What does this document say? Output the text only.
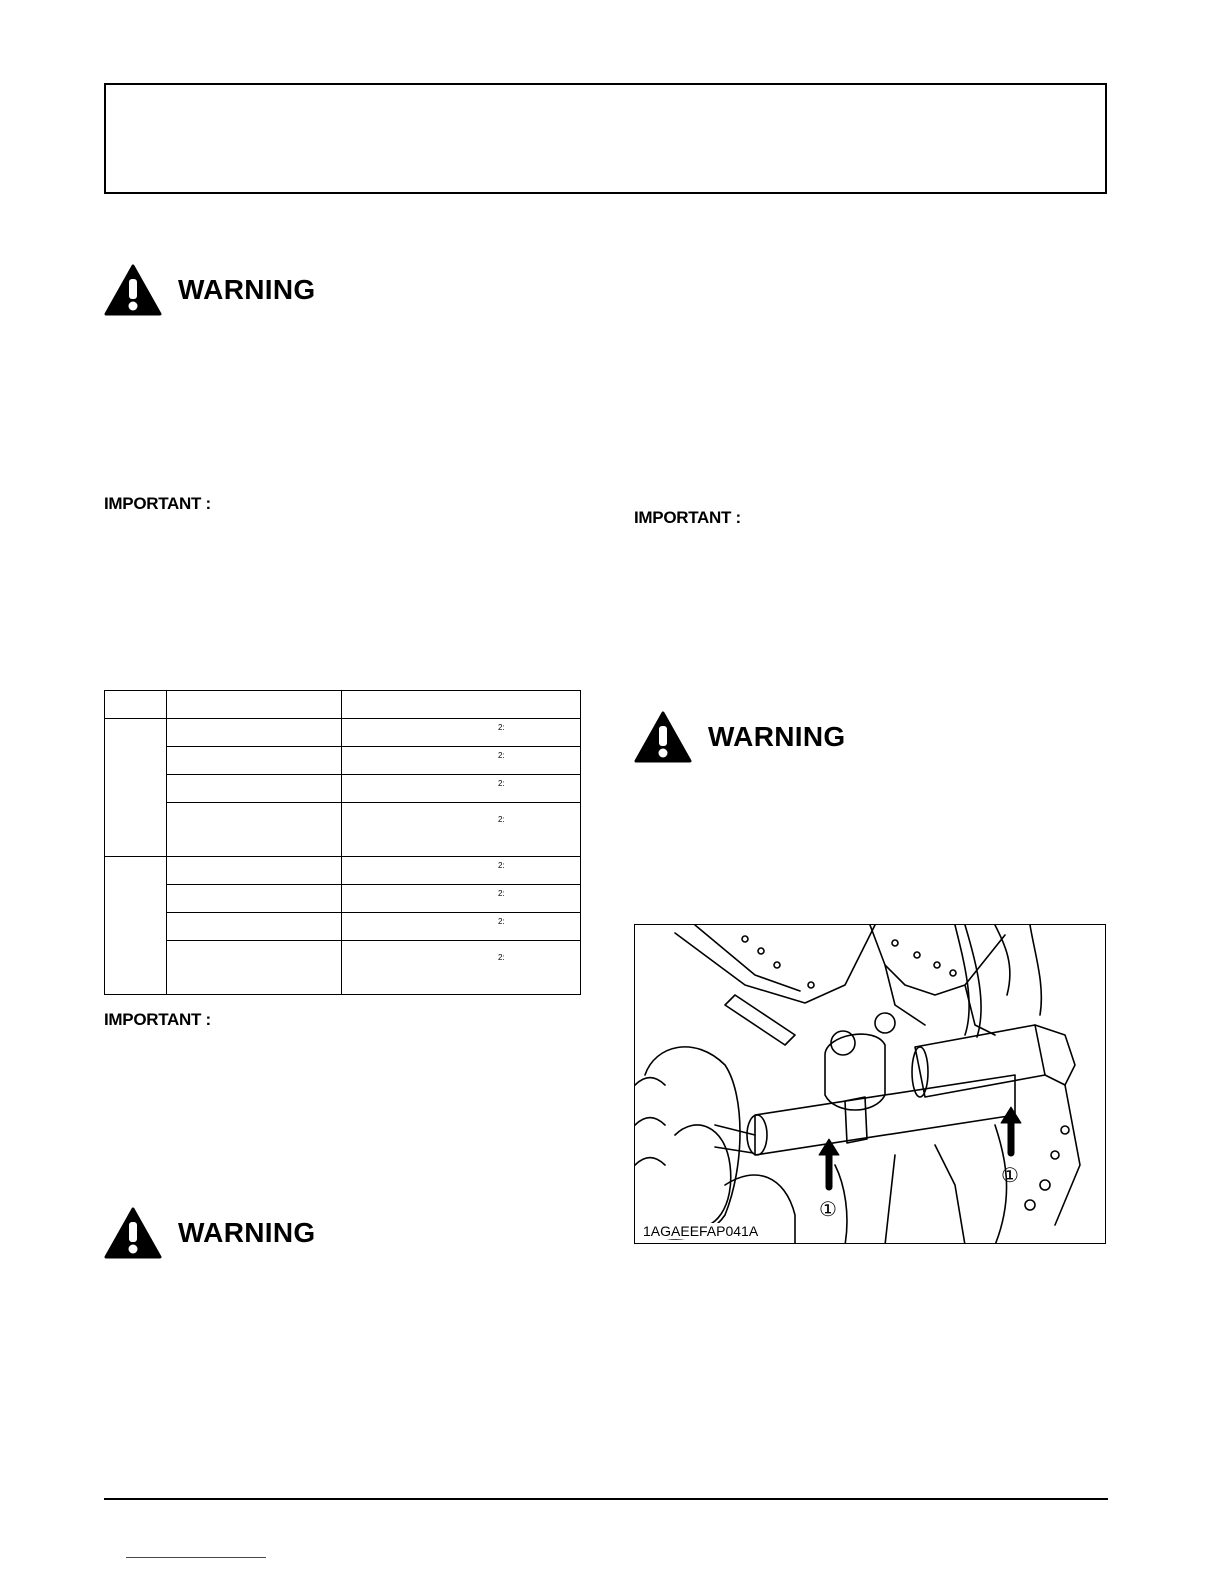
WARNING
IMPORTANT :

		2:

		2:

		2:

		2:

		2:

		2:

		2:

		2:
IMPORTANT :
WARNING
IMPORTANT :
WARNING
①
①
1AGAEEFAP041A
